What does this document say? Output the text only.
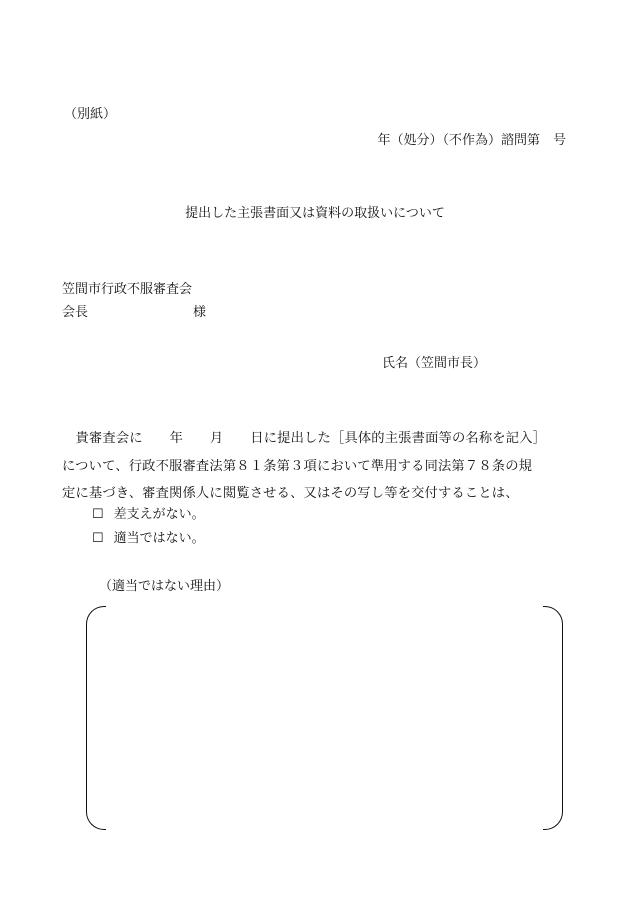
（別紙）
年（処分）（不作為）諮問第　号
提出した主張書面又は資料の取扱いについて
笠間市行政不服審査会
会長	様
氏名（笠間市長）
　貴審査会に　　年　　月　　日に提出した［具体的主張書面等の名称を記入］
について、行政不服審査法第８１条第３項において準用する同法第７８条の規
定に基づき、審査関係人に閲覧させる、又はその写し等を交付することは、
☐ 差支えがない。
☐ 適当ではない。
（適当ではない理由）
